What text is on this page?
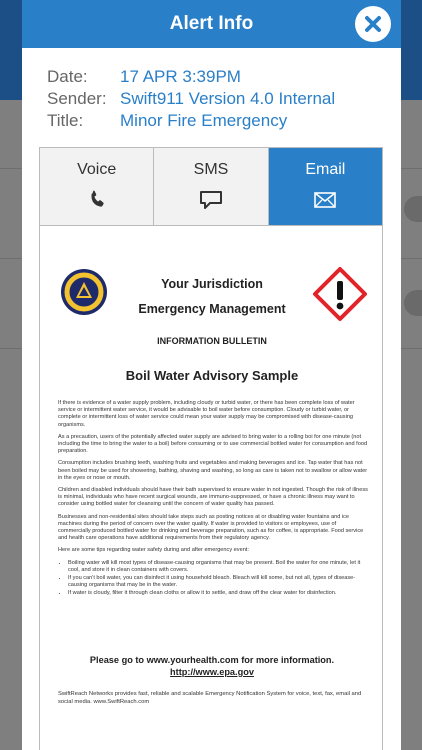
Alert Info
Date:	17 APR 3:39PM
Sender: Swift911 Version 4.0 Internal
Title:	Minor Fire Emergency
Voice	SMS	Email
Your Jurisdiction
Emergency Management
INFORMATION BULLETIN
Boil Water Advisory Sample

If there is evidence of a water supply problem, including cloudy or turbid water, or there has been complete loss of water service or intermittent water service, it would be advisable to boil water before consumption. Cloudy or turbid water, or complete or intermittent loss of water service could mean your water supply may be compromised with disease-causing organisms.

As a precaution, users of the potentially affected water supply are advised to bring water to a rolling boi for one minute (not including the time to bring the water to a boil) before consuming or to use commercial bottled water for consumption and food preparation.

Consumption includes brushing teeth, washing fruits and vegetables and making beverages and ice. Tap water that has not been boiled may be used for showering, bathing, shaving and washing, so long as care is taken not to swallow or allow water in the eyes or nose or mouth.

Children and disabled individuals should have their bath supervised to ensure water in not ingested. Though the risk of illness is minimal, individuals who have recent surgical wounds, are immuno-suppressed, or have a chronic illness may want to consider using bottled water for cleansing until the concern of water quality has passed.

Businesses and non-residential sites should take steps such as posting notices at or disabling water fountains and ice machines during the period of concern over the water quality. If water is provided to visitors or employees, use of commercially produced bottled water for drinking and beverage preparation, such as for coffee, is appropriate. Food service and health care operations have additional requirements from their regulatory agency.

Here are some tips regarding water safety during and after emergency event:

• Boiling water will kill most types of disease-causing organisms that may be present. Boil the water for one minute, let it cool, and store it in clean containers with covers.
• If you can't boil water, you can disinfect it using household bleach. Bleach will kill some, but not all, types of disease-causing organisms that may be in the water.
• If water is cloudy, filter it through clean cloths or allow it to settle, and draw off the clear water for disinfection.
Please go to www.yourhealth.com for more information. http://www.epa.gov
SwiftReach Networks provides fast, reliable and scalable Emergency Notification System for voice, text, fax, email and social media. www.SwiftReach.com
